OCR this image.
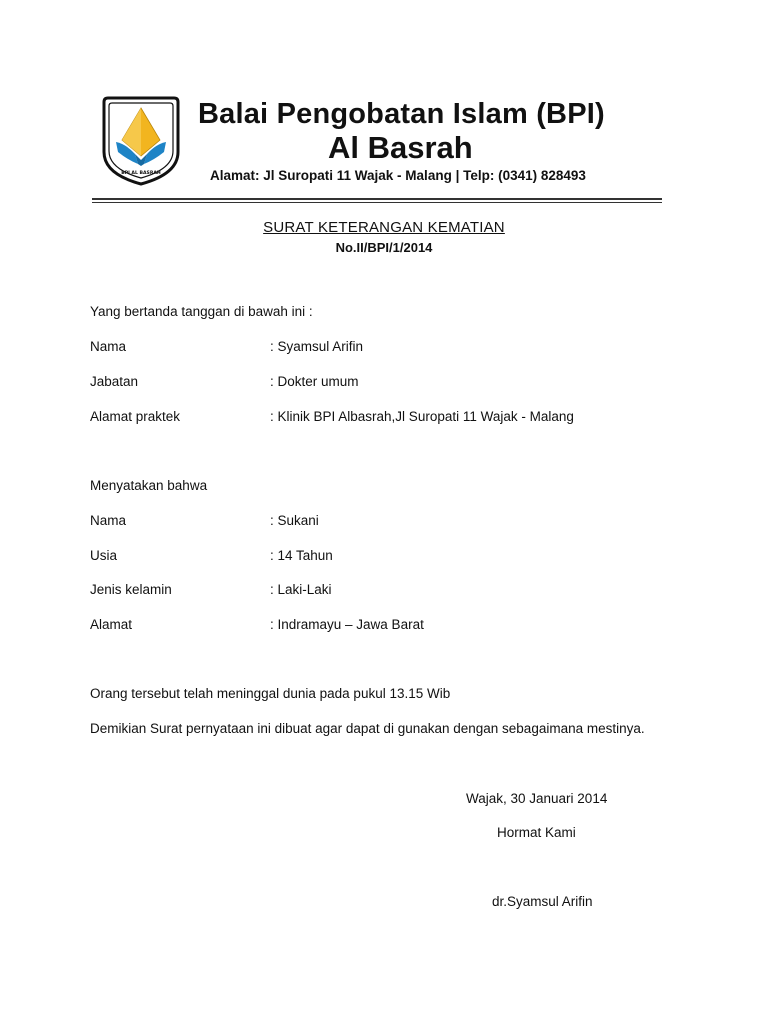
BPI AL BASRAH
Balai Pengobatan Islam (BPI)
Al Basrah
Alamat: Jl Suropati 11 Wajak - Malang | Telp: (0341) 828493
SURAT KETERANGAN KEMATIAN
No.II/BPI/1/2014
Yang bertanda tanggan di bawah ini :
Nama	: Syamsul Arifin
Jabatan	: Dokter umum
Alamat praktek	: Klinik BPI Albasrah,Jl Suropati 11 Wajak - Malang
Menyatakan bahwa
Nama	: Sukani
Usia	: 14 Tahun
Jenis kelamin	: Laki-Laki
Alamat	: Indramayu – Jawa Barat
Orang tersebut telah meninggal dunia pada pukul 13.15 Wib
Demikian Surat pernyataan ini dibuat agar dapat di gunakan dengan sebagaimana mestinya.
Wajak, 30 Januari 2014
Hormat Kami
dr.Syamsul Arifin
